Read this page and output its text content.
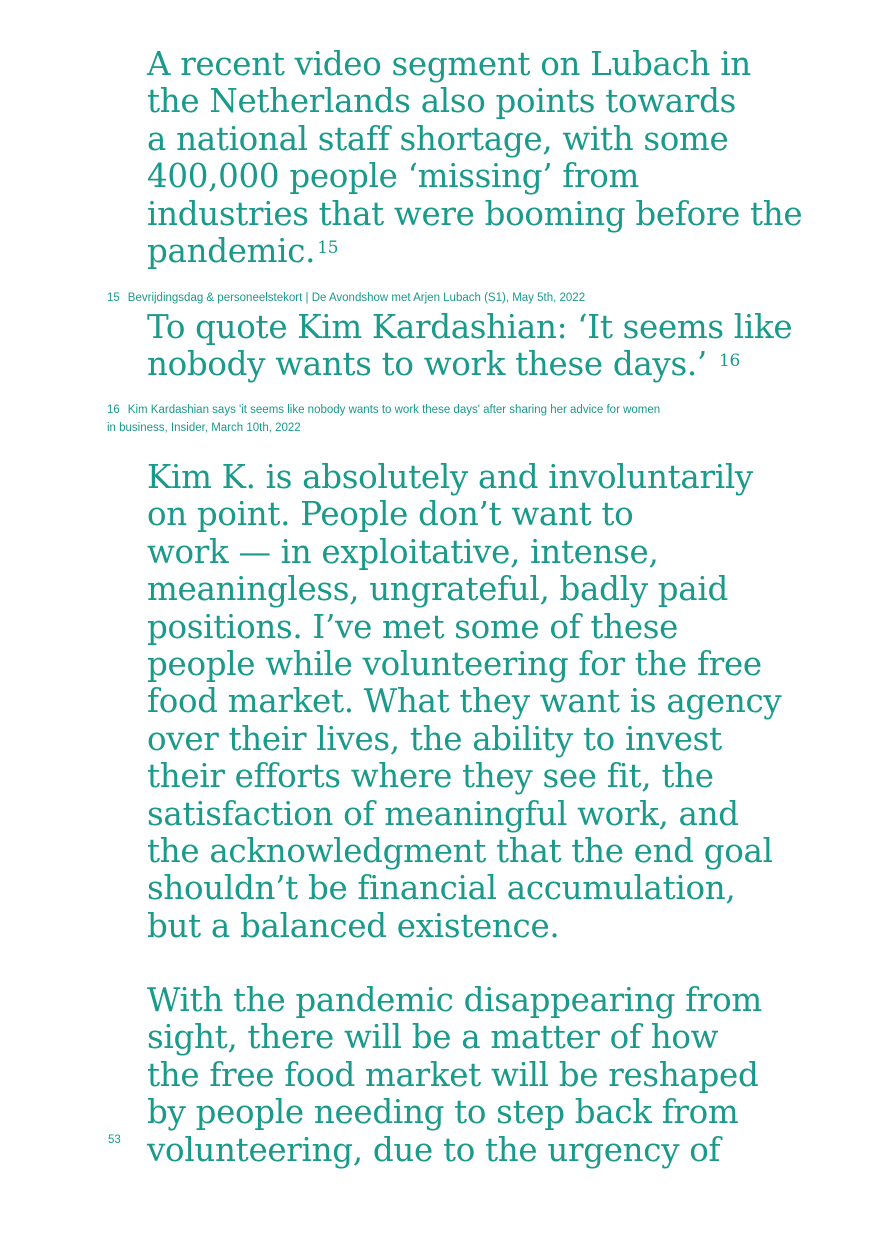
A recent video segment on Lubach in
the Netherlands also points towards
a national staff shortage, with some
400,000 people ‘missing’ from
industries that were booming before the
pandemic. $^{15}$

15 Bevrijdingsdag & personeelstekort | De Avondshow met Arjen Lubach (S1), May 5th, 2022

To quote Kim Kardashian: ‘It seems like
nobody wants to work these days.’ $^{16}$

16 Kim Kardashian says 'it seems like nobody wants to work these days' after sharing her advice for women
in business, Insider, March 10th, 2022

Kim K. is absolutely and involuntarily
on point. People don’t want to
work — in exploitative, intense,
meaningless, ungrateful, badly paid
positions. I’ve met some of these
people while volunteering for the free
food market. What they want is agency
over their lives, the ability to invest
their efforts where they see fit, the
satisfaction of meaningful work, and
the acknowledgment that the end goal
shouldn’t be financial accumulation,
but a balanced existence.

With the pandemic disappearing from
sight, there will be a matter of how
the free food market will be reshaped
by people needing to step back from
volunteering, due to the urgency of

53
